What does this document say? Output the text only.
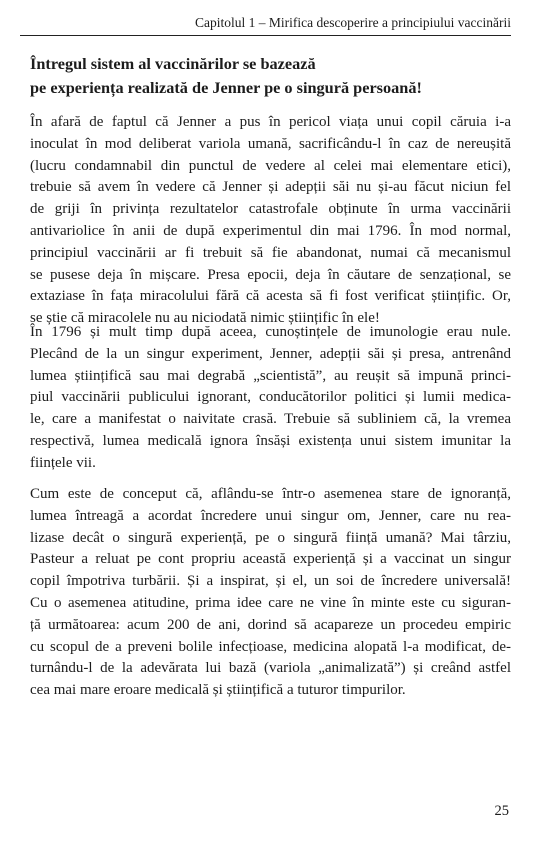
Capitolul 1 – Mirifica descoperire a principiului vaccinării
Întregul sistem al vaccinărilor se bazează
pe experiența realizată de Jenner pe o singură persoană!
În afară de faptul că Jenner a pus în pericol viața unui copil căruia i-a
inoculat în mod deliberat variola umană, sacrificându-l în caz de nereușită
(lucru condamnabil din punctul de vedere al celei mai elementare etici),
trebuie să avem în vedere că Jenner și adepții săi nu și-au făcut niciun fel
de griji în privința rezultatelor catastrofale obținute în urma vaccinării
antivariolice în anii de după experimentul din mai 1796. În mod normal,
principiul vaccinării ar fi trebuit să fie abandonat, numai că mecanismul
se pusese deja în mișcare. Presa epocii, deja în căutare de senzațional, se
extaziase în fața miracolului fără că acesta să fi fost verificat științific. Or,
se știe că miracolele nu au niciodată nimic științific în ele!
În 1796 și mult timp după aceea, cunoștințele de imunologie erau nule.
Plecând de la un singur experiment, Jenner, adepții săi și presa, antrenând
lumea științifică sau mai degrabă „scientistă”, au reușit să impună princi-
piul vaccinării publicului ignorant, conducătorilor politici și lumii medica-
le, care a manifestat o naivitate crasă. Trebuie să subliniem că, la vremea
respectivă, lumea medicală ignora însăși existența unui sistem imunitar la
ființele vii.
Cum este de conceput că, aflându-se într-o asemenea stare de ignoranță,
lumea întreagă a acordat încredere unui singur om, Jenner, care nu rea-
lizase decât o singură experiență, pe o singură ființă umană? Mai târziu,
Pasteur a reluat pe cont propriu această experiență și a vaccinat un singur
copil împotriva turbării. Și a inspirat, și el, un soi de încredere universală!
Cu o asemenea atitudine, prima idee care ne vine în minte este cu siguran-
ță următoarea: acum 200 de ani, dorind să acapareze un procedeu empiric
cu scopul de a preveni bolile infecțioase, medicina alopată l-a modificat, de-
turnându-l de la adevărata lui bază (variola „animalizată”) și creând astfel
cea mai mare eroare medicală și științifică a tuturor timpurilor.
25
